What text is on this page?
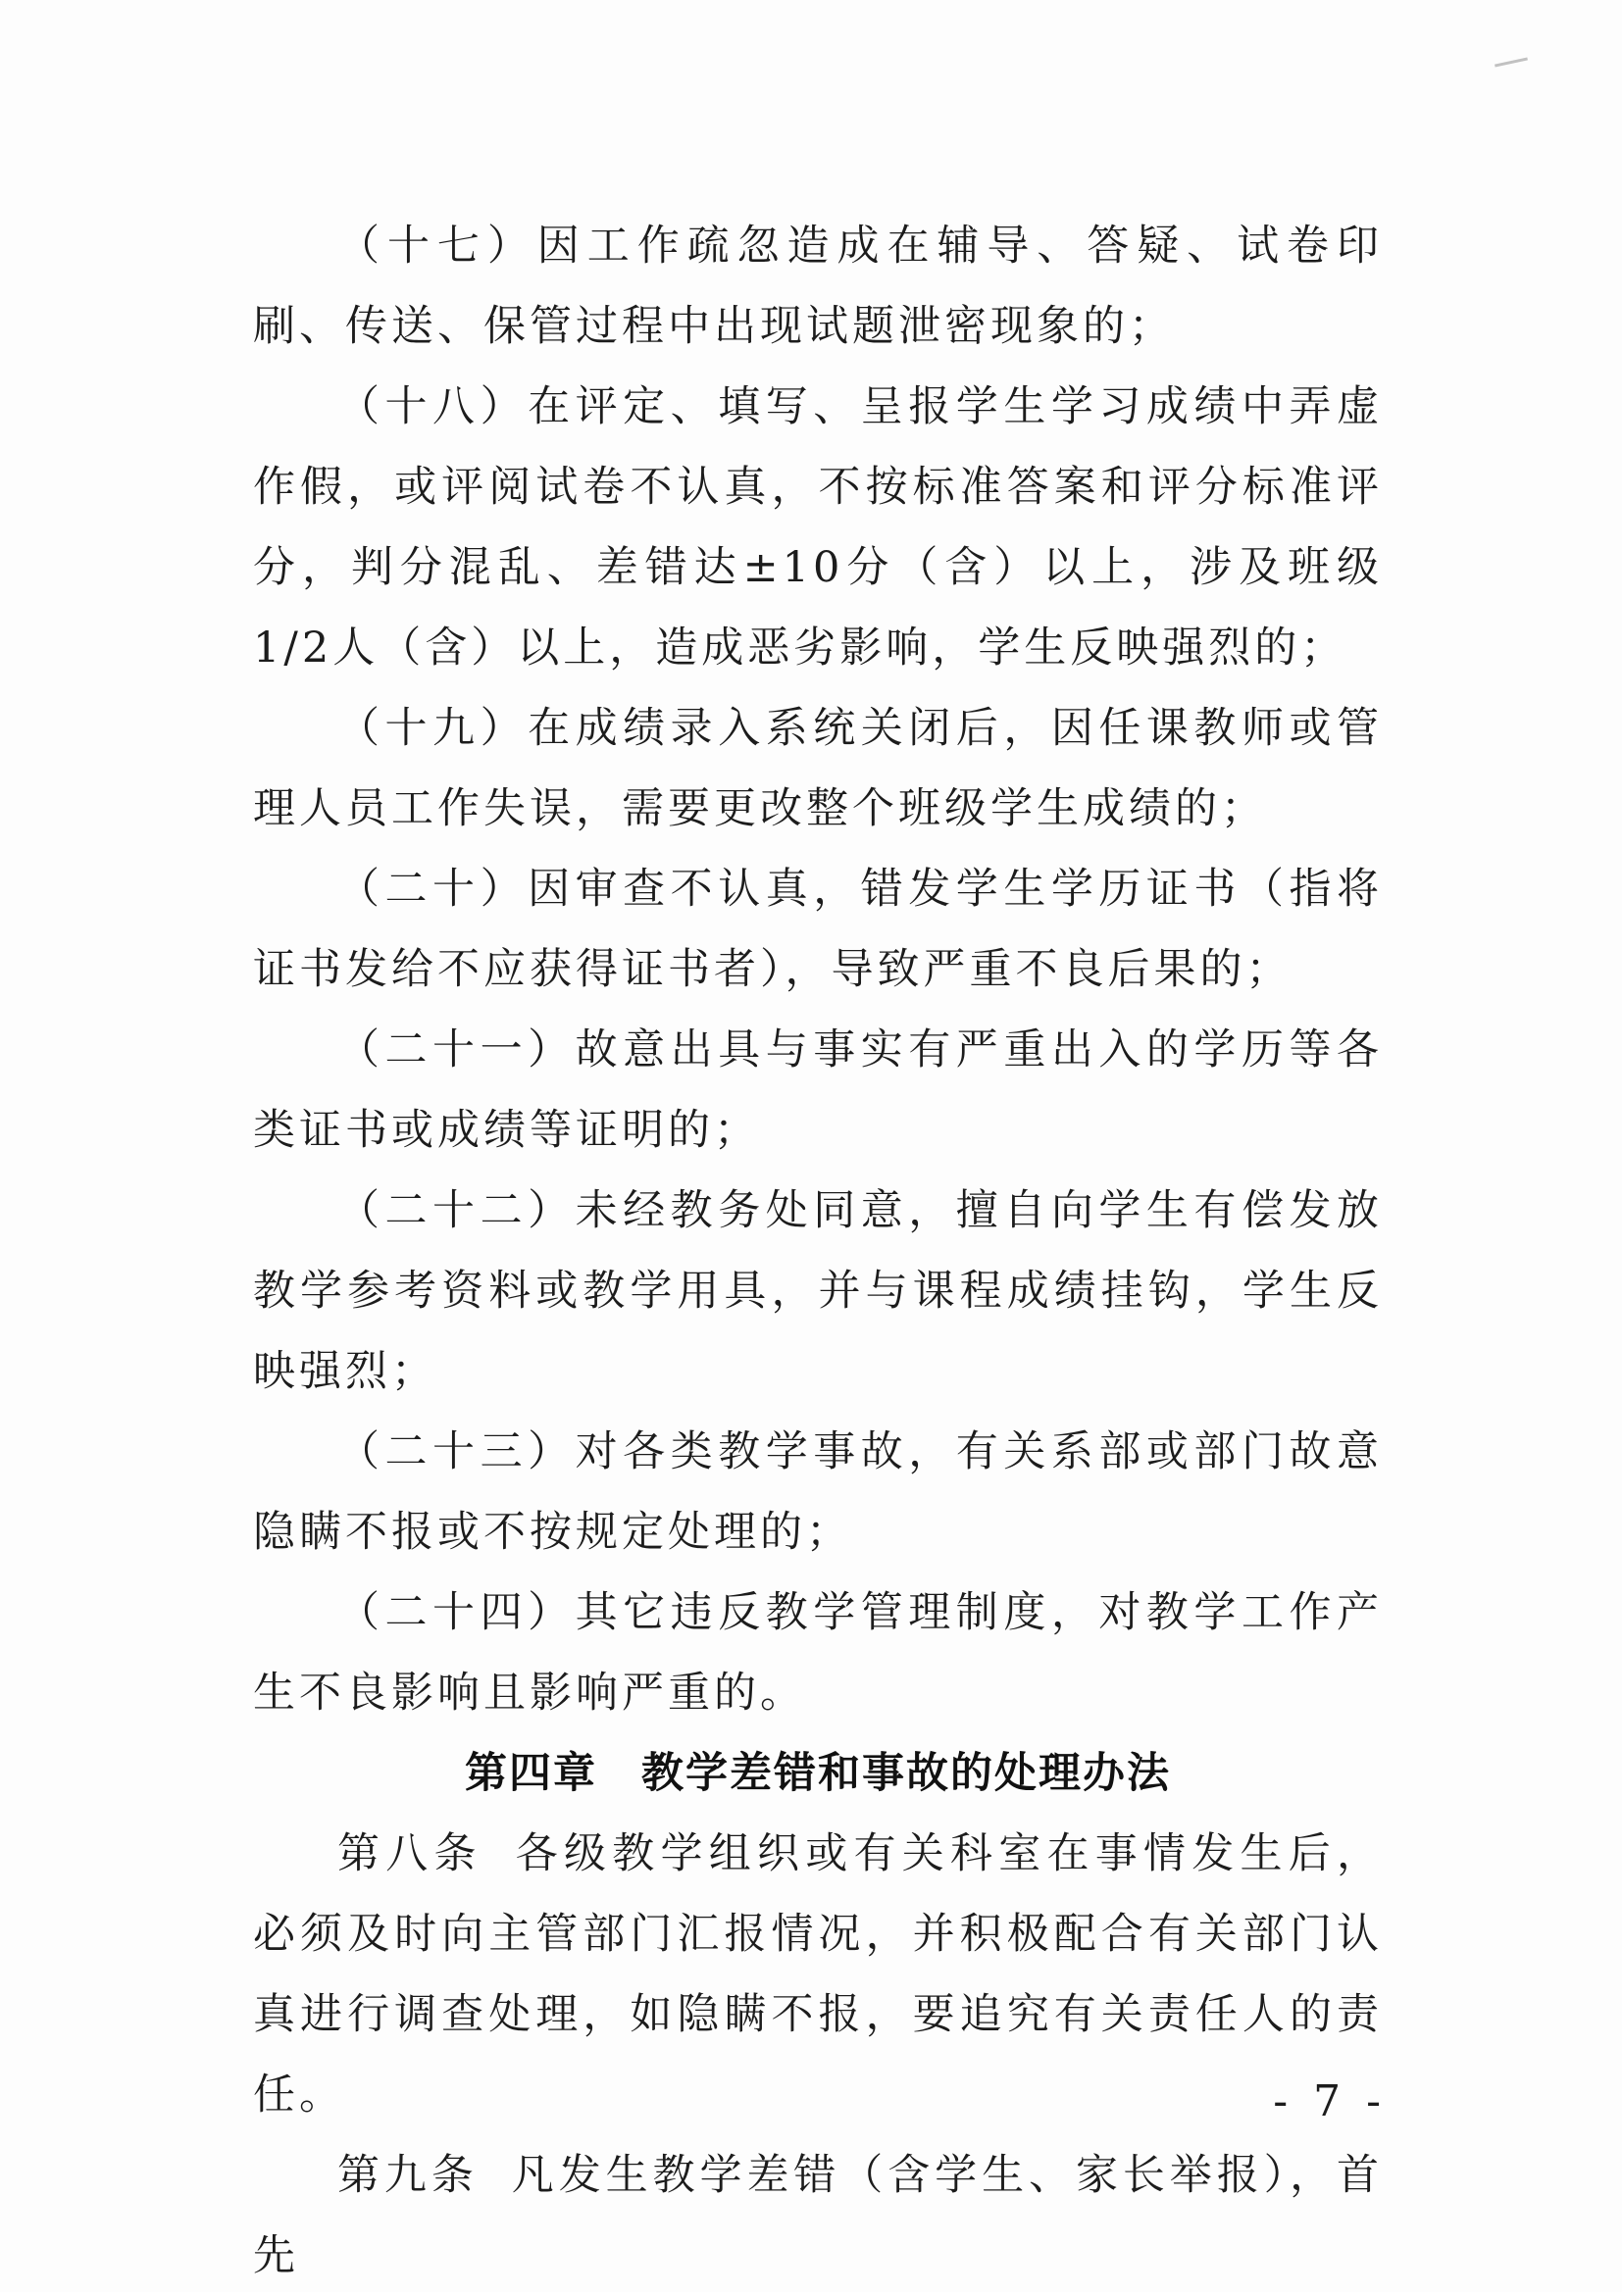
（十七）因工作疏忽造成在辅导、答疑、试卷印刷、传送、保管过程中出现试题泄密现象的；

（十八）在评定、填写、呈报学生学习成绩中弄虚作假，或评阅试卷不认真，不按标准答案和评分标准评分，判分混乱、差错达±10分（含）以上，涉及班级1/2人（含）以上，造成恶劣影响，学生反映强烈的；

（十九）在成绩录入系统关闭后，因任课教师或管理人员工作失误，需要更改整个班级学生成绩的；

（二十）因审查不认真，错发学生学历证书（指将证书发给不应获得证书者），导致严重不良后果的；

（二十一）故意出具与事实有严重出入的学历等各类证书或成绩等证明的；

（二十二）未经教务处同意，擅自向学生有偿发放教学参考资料或教学用具，并与课程成绩挂钩，学生反映强烈；

（二十三）对各类教学事故，有关系部或部门故意隐瞒不报或不按规定处理的；

（二十四）其它违反教学管理制度，对教学工作产生不良影响且影响严重的。

第四章　教学差错和事故的处理办法

第八条 各级教学组织或有关科室在事情发生后，必须及时向主管部门汇报情况，并积极配合有关部门认真进行调查处理，如隐瞒不报，要追究有关责任人的责任。

第九条 凡发生教学差错（含学生、家长举报），首先

- 7 -
